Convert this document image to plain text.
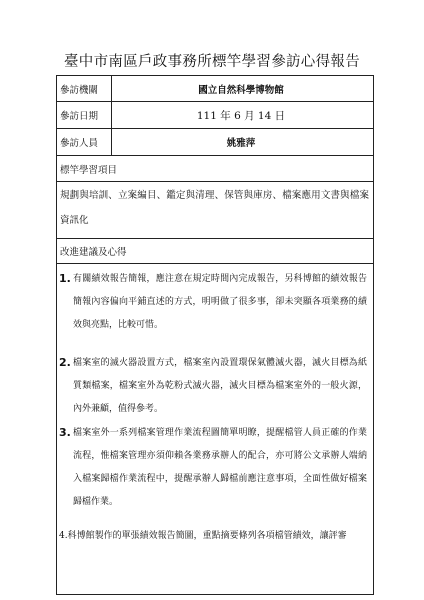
臺中市南區戶政事務所標竿學習參訪心得報告
參訪機關	國立自然科學博物館
參訪日期	111 年 6 月 14 日
參訪人員	姚雅萍
標竿學習項目
規劃與培訓、立案編目、鑑定與清理、保管與庫房、檔案應用文書與檔案資訊化
改進建議及心得
1. 有關績效報告簡報，應注意在規定時間內完成報告，另科博館的績效報告簡報內容偏向平鋪直述的方式，明明做了很多事，卻未突顯各項業務的績效與亮點，比較可惜。
2. 檔案室的滅火器設置方式，檔案室內設置環保氣體滅火器，滅火目標為紙質類檔案，檔案室外為乾粉式滅火器，滅火目標為檔案室外的一般火源，內外兼顧，值得參考。
3. 檔案室外一系列檔案管理作業流程圖簡單明瞭，提醒檔管人員正確的作業流程，惟檔案管理亦須仰賴各業務承辦人的配合，亦可將公文承辦人端納入檔案歸檔作業流程中，提醒承辦人歸檔前應注意事項，全面性做好檔案歸檔作業。
4.科博館製作的單張績效報告簡圖，重點摘要條列各項檔管績效，讓評審
